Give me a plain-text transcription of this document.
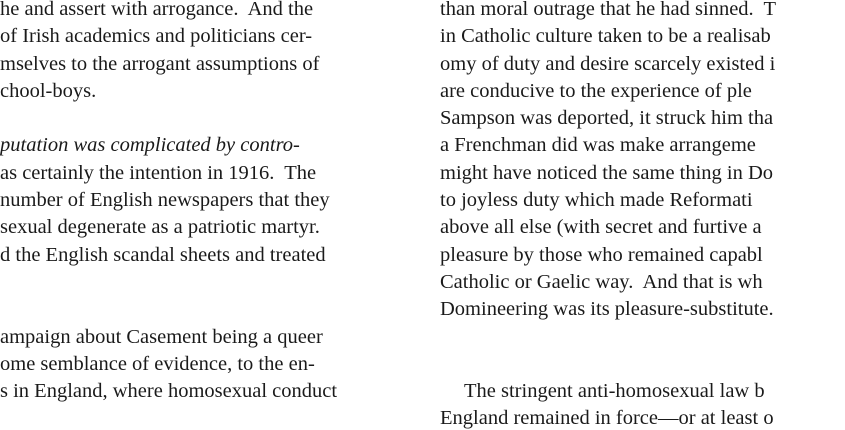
he and assert with arrogance.  And the
of Irish academics and politicians cer-
mselves to the arrogant assumptions of
chool-boys.
putation was complicated by contro-
as certainly the intention in 1916.  The
number of English newspapers that they
sexual degenerate as a patriotic martyr.
d the English scandal sheets and treated
ampaign about Casement being a queer
ome semblance of evidence, to the en-
s in England, where homosexual conduct
than moral outrage that he had sinned.  T
in Catholic culture taken to be a realisab
omy of duty and desire scarcely existed i
are conducive to the experience of ple
Sampson was deported, it struck him tha
a Frenchman did was make arrangeme
might have noticed the same thing in Do
to joyless duty which made Reformati
above all else (with secret and furtive a
pleasure by those who remained capabl
Catholic or Gaelic way.  And that is wh
Domineering was its pleasure-substitute.
The stringent anti-homosexual law b
England remained in force—or at least o
